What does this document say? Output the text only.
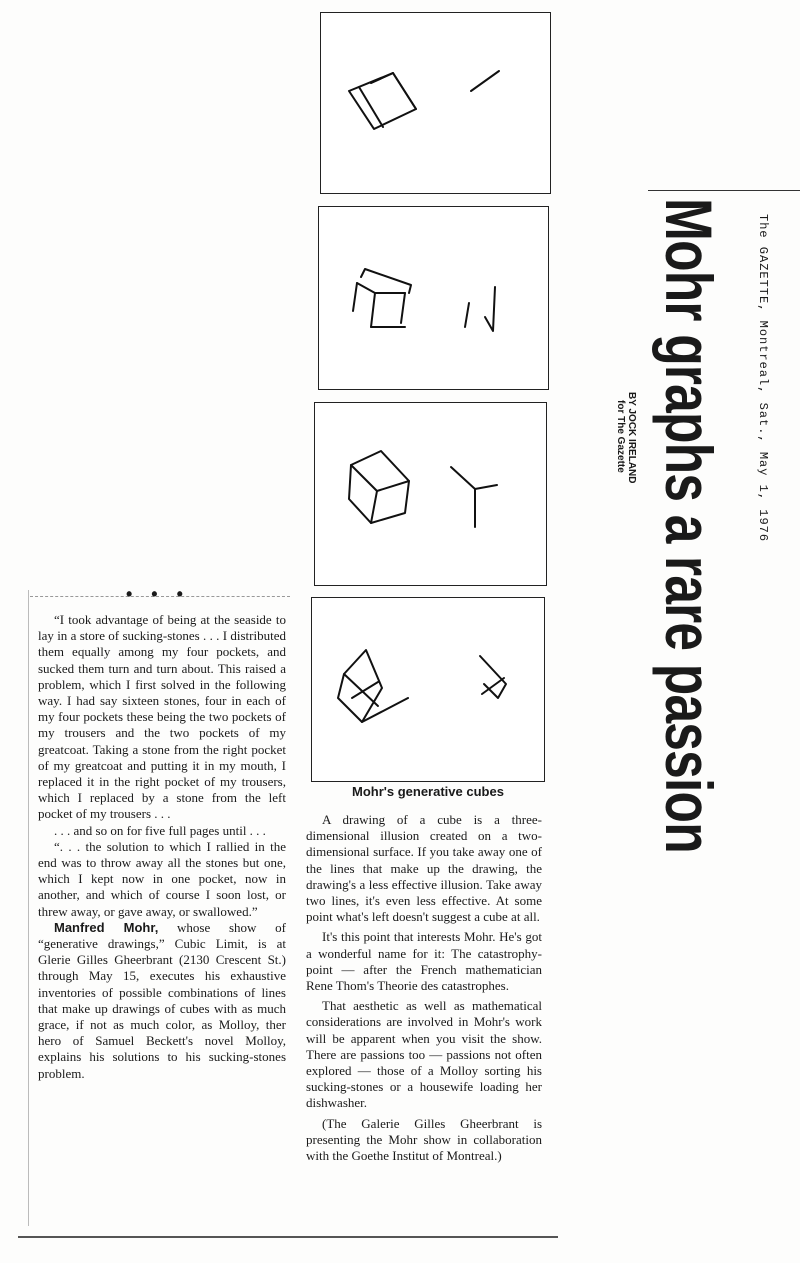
Mohr's generative cubes
The GAZETTE, Montreal, Sat., May 1, 1976
Mohr graphs a rare passion
BY JOCK IRELAND
for The Gazette
• • •

“I took advantage of being at the seaside to lay in a store of sucking-stones . . . I distributed them equally among my four pockets, and sucked them turn and turn about. This raised a problem, which I first solved in the following way. I had say sixteen stones, four in each of my four pockets these being the two pockets of my trousers and the two pockets of my greatcoat. Taking a stone from the right pocket of my greatcoat and putting it in my mouth, I replaced it in the right pocket of my trousers, which I replaced by a stone from the left pocket of my trousers . . .

. . . and so on for five full pages until . . .

“. . . the solution to which I rallied in the end was to throw away all the stones but one, which I kept now in one pocket, now in another, and which of course I soon lost, or threw away, or gave away, or swallowed.”

Manfred Mohr, whose show of “generative drawings,” Cubic Limit, is at Glerie Gilles Gheerbrant (2130 Crescent St.) through May 15, executes his exhaustive inventories of possible combinations of lines that make up drawings of cubes with as much grace, if not as much color, as Molloy, ther hero of Samuel Beckett's novel Molloy, explains his solutions to his sucking-stones problem.

A drawing of a cube is a three-dimensional illusion created on a two-dimensional surface. If you take away one of the lines that make up the drawing, the drawing's a less effective illusion. Take away two lines, it's even less effective. At some point what's left doesn't suggest a cube at all.

It's this point that interests Mohr. He's got a wonderful name for it: The catastrophy-point — after the French mathematician Rene Thom's Theorie des catastrophes.

That aesthetic as well as mathematical considerations are involved in Mohr's work will be apparent when you visit the show. There are passions too — passions not often explored — those of a Molloy sorting his sucking-stones or a housewife loading her dishwasher.

(The Galerie Gilles Gheerbrant is presenting the Mohr show in collaboration with the Goethe Institut of Montreal.)
